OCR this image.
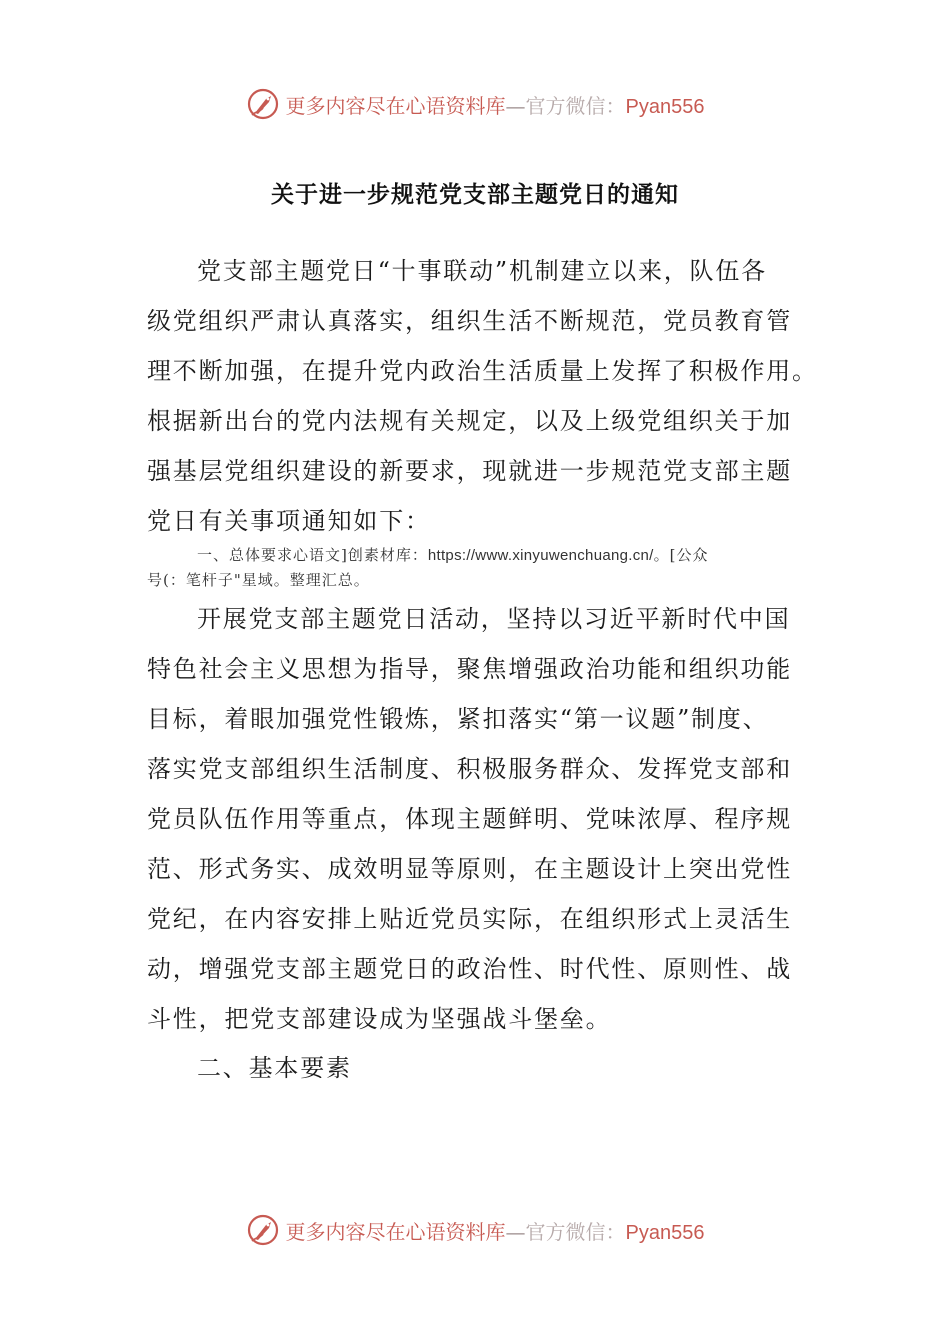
更多内容尽在心语资料库—官方微信：Pyan556
关于进一步规范党支部主题党日的通知
党支部主题党日“十事联动”机制建立以来，队伍各
级党组织严肃认真落实，组织生活不断规范，党员教育管
理不断加强，在提升党内政治生活质量上发挥了积极作用。
根据新出台的党内法规有关规定，以及上级党组织关于加
强基层党组织建设的新要求，现就进一步规范党支部主题
党日有关事项通知如下：
一、总体要求心语文]创素材库：https://www.xinyuwenchuang.cn/。[公众
号(：笔杆子"星域。整理汇总。
开展党支部主题党日活动，坚持以习近平新时代中国
特色社会主义思想为指导，聚焦增强政治功能和组织功能
目标，着眼加强党性锻炼，紧扣落实“第一议题”制度、
落实党支部组织生活制度、积极服务群众、发挥党支部和
党员队伍作用等重点，体现主题鲜明、党味浓厚、程序规
范、形式务实、成效明显等原则，在主题设计上突出党性
党纪，在内容安排上贴近党员实际，在组织形式上灵活生
动，增强党支部主题党日的政治性、时代性、原则性、战
斗性，把党支部建设成为坚强战斗堡垒。
二、基本要素
更多内容尽在心语资料库—官方微信：Pyan556
